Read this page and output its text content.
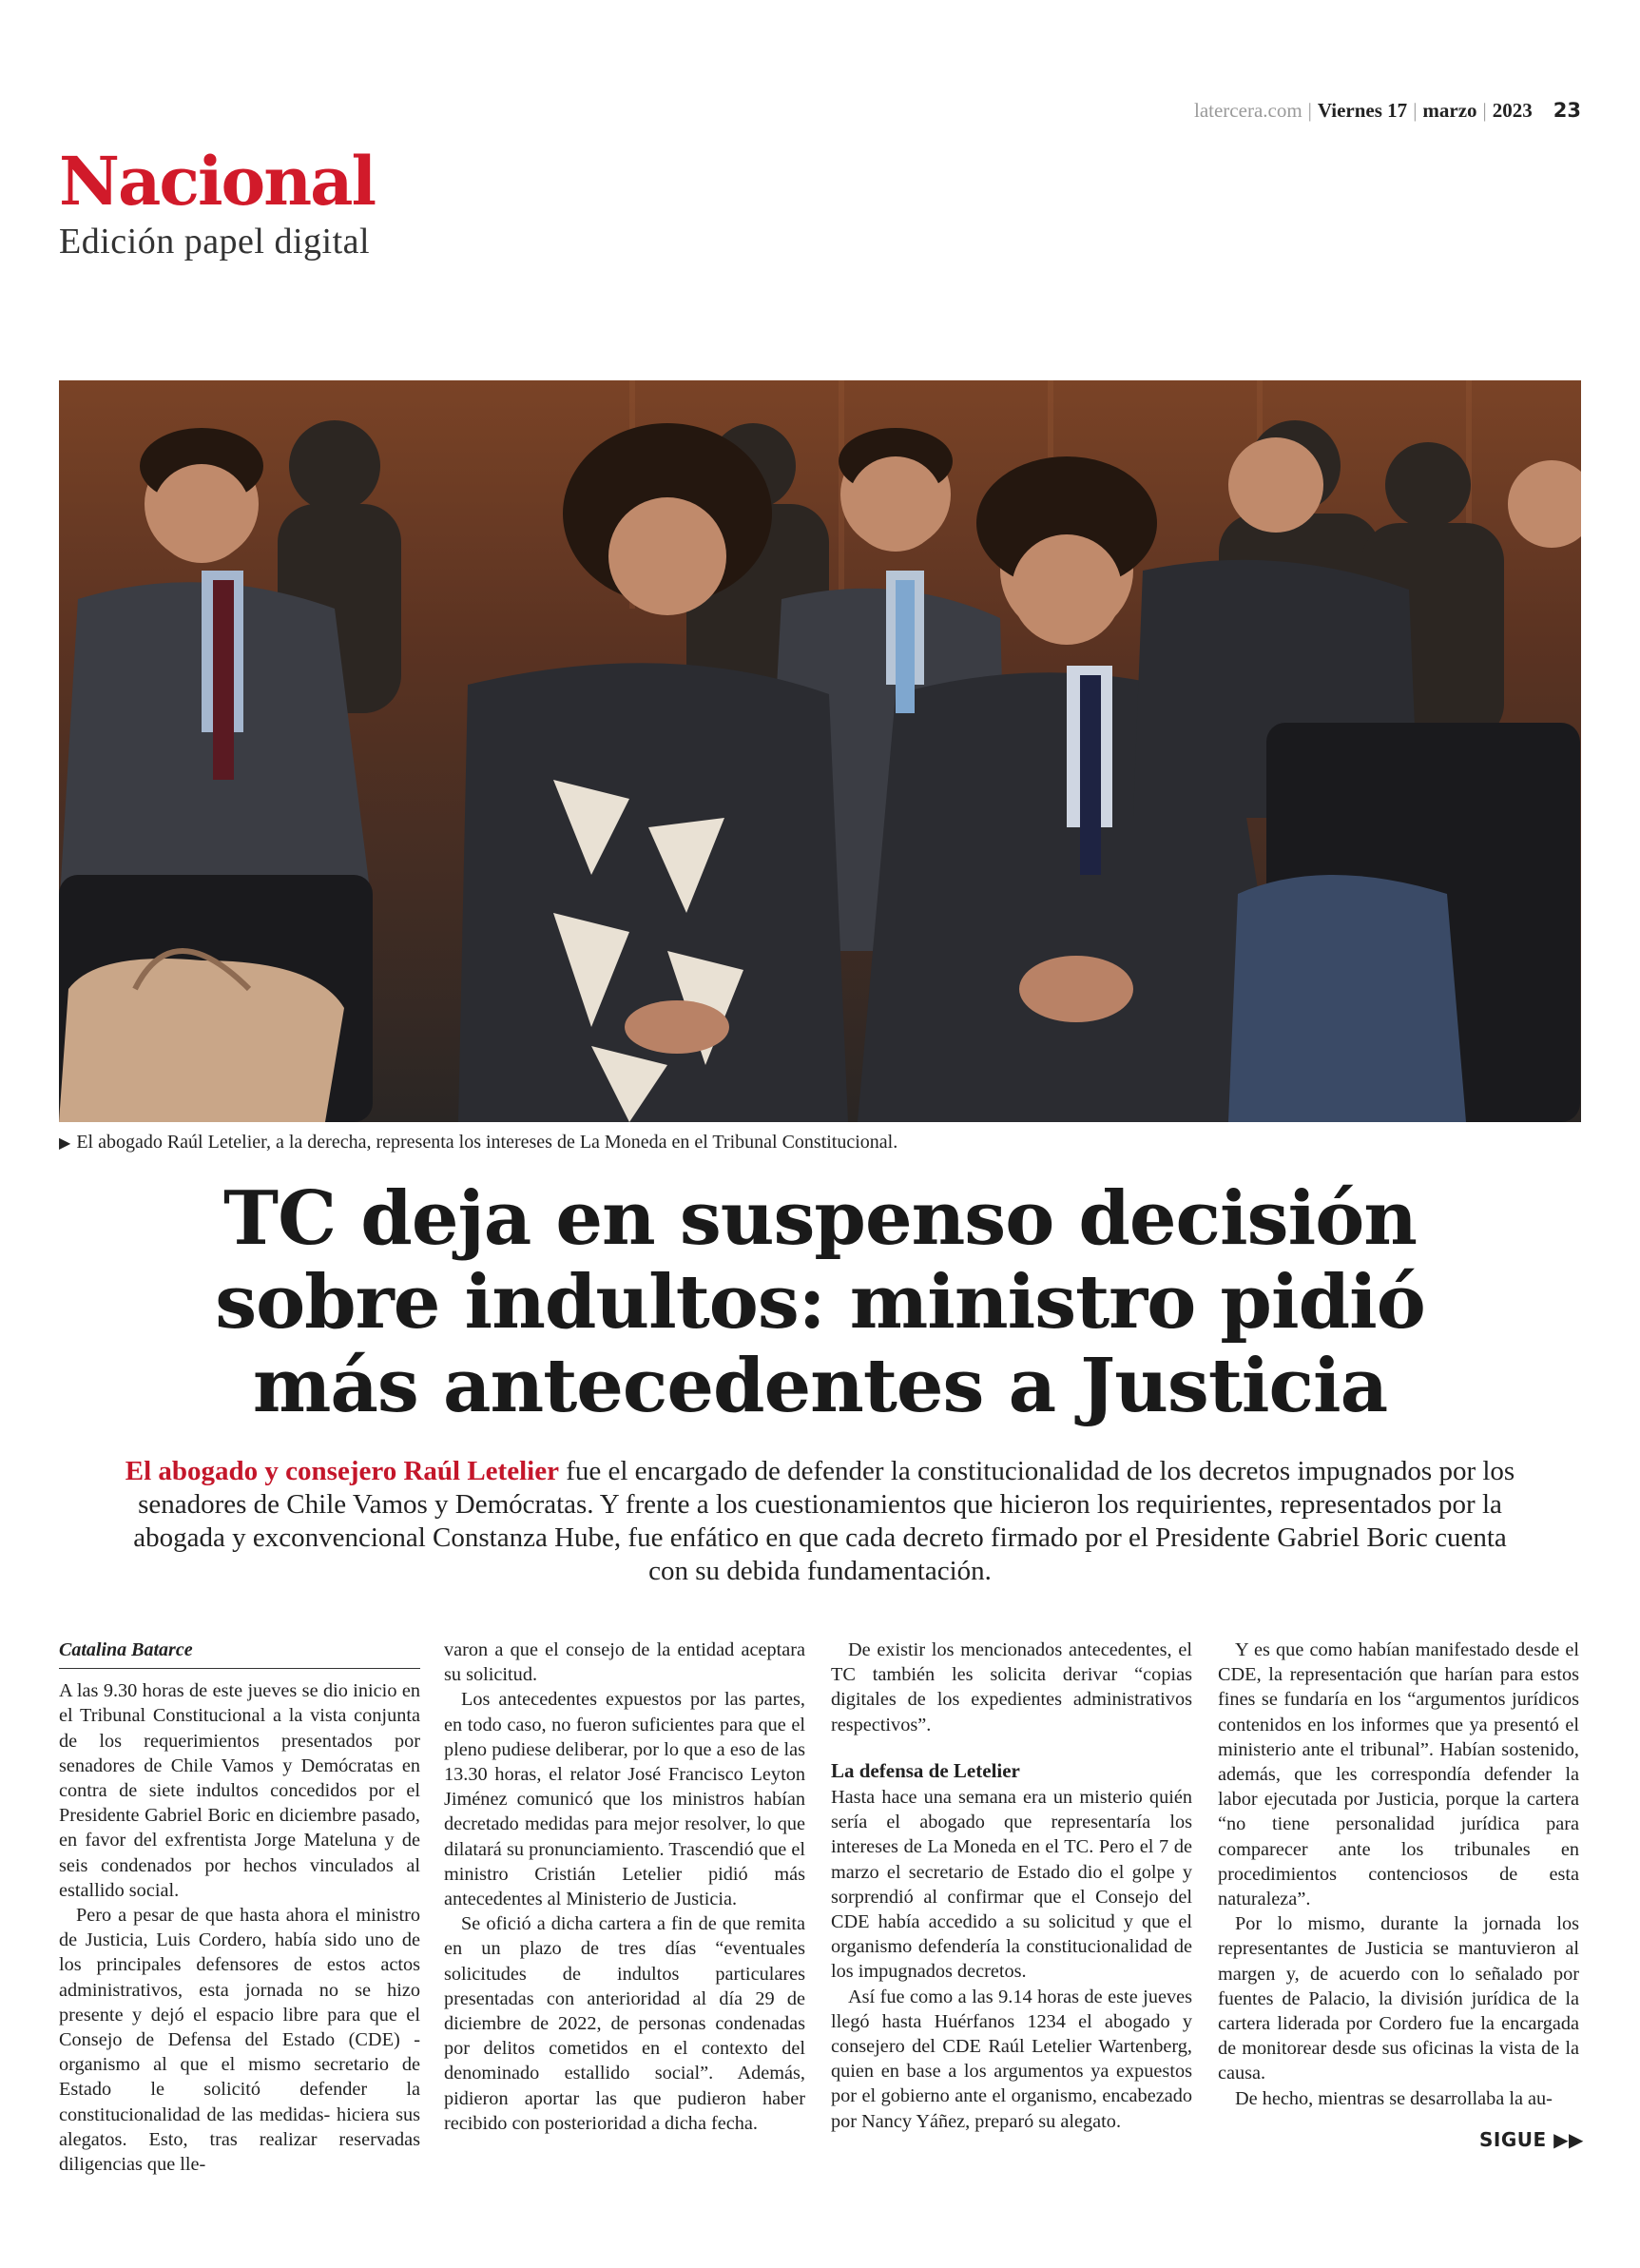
latercera.com | Viernes 17 | marzo | 2023 23
Nacional
Edición papel digital
▶ El abogado Raúl Letelier, a la derecha, representa los intereses de La Moneda en el Tribunal Constitucional.
TC deja en suspenso decisión
sobre indultos: ministro pidió
más antecedentes a Justicia

El abogado y consejero Raúl Letelier fue el encargado de defender la constitucionalidad de los decretos impugnados por los senadores de Chile Vamos y Demócratas. Y frente a los cuestionamientos que hicieron los requirientes, representados por la abogada y exconvencional Constanza Hube, fue enfático en que cada decreto firmado por el Presidente Gabriel Boric cuenta con su debida fundamentación.

Catalina Batarce

A las 9.30 horas de este jueves se dio inicio en el Tribunal Constitucional a la vista conjunta de los requerimientos presentados por senadores de Chile Vamos y Demócratas en contra de siete indultos concedidos por el Presidente Gabriel Boric en diciembre pasado, en favor del exfrentista Jorge Mateluna y de seis condenados por hechos vinculados al estallido social.

Pero a pesar de que hasta ahora el ministro de Justicia, Luis Cordero, había sido uno de los principales defensores de estos actos administrativos, esta jornada no se hizo presente y dejó el espacio libre para que el Consejo de Defensa del Estado (CDE) -organismo al que el mismo secretario de Estado le solicitó defender la constitucionalidad de las medidas- hiciera sus alegatos. Esto, tras realizar reservadas diligencias que lle-

varon a que el consejo de la entidad aceptara su solicitud.

Los antecedentes expuestos por las partes, en todo caso, no fueron suficientes para que el pleno pudiese deliberar, por lo que a eso de las 13.30 horas, el relator José Francisco Leyton Jiménez comunicó que los ministros habían decretado medidas para mejor resolver, lo que dilatará su pronunciamiento. Trascendió que el ministro Cristián Letelier pidió más antecedentes al Ministerio de Justicia.

Se ofició a dicha cartera a fin de que remita en un plazo de tres días “eventuales solicitudes de indultos particulares presentadas con anterioridad al día 29 de diciembre de 2022, de personas condenadas por delitos cometidos en el contexto del denominado estallido social”. Además, pidieron aportar las que pudieron haber recibido con posterioridad a dicha fecha.

De existir los mencionados antecedentes, el TC también les solicita derivar “copias digitales de los expedientes administrativos respectivos”.

La defensa de Letelier

Hasta hace una semana era un misterio quién sería el abogado que representaría los intereses de La Moneda en el TC. Pero el 7 de marzo el secretario de Estado dio el golpe y sorprendió al confirmar que el Consejo del CDE había accedido a su solicitud y que el organismo defendería la constitucionalidad de los impugnados decretos.

Así fue como a las 9.14 horas de este jueves llegó hasta Huérfanos 1234 el abogado y consejero del CDE Raúl Letelier Wartenberg, quien en base a los argumentos ya expuestos por el gobierno ante el organismo, encabezado por Nancy Yáñez, preparó su alegato.

Y es que como habían manifestado desde el CDE, la representación que harían para estos fines se fundaría en los “argumentos jurídicos contenidos en los informes que ya presentó el ministerio ante el tribunal”. Habían sostenido, además, que les correspondía defender la labor ejecutada por Justicia, porque la cartera “no tiene personalidad jurídica para comparecer ante los tribunales en procedimientos contenciosos de esta naturaleza”.

Por lo mismo, durante la jornada los representantes de Justicia se mantuvieron al margen y, de acuerdo con lo señalado por fuentes de Palacio, la división jurídica de la cartera liderada por Cordero fue la encargada de monitorear desde sus oficinas la vista de la causa.

De hecho, mientras se desarrollaba la au-

SIGUE ▶▶
